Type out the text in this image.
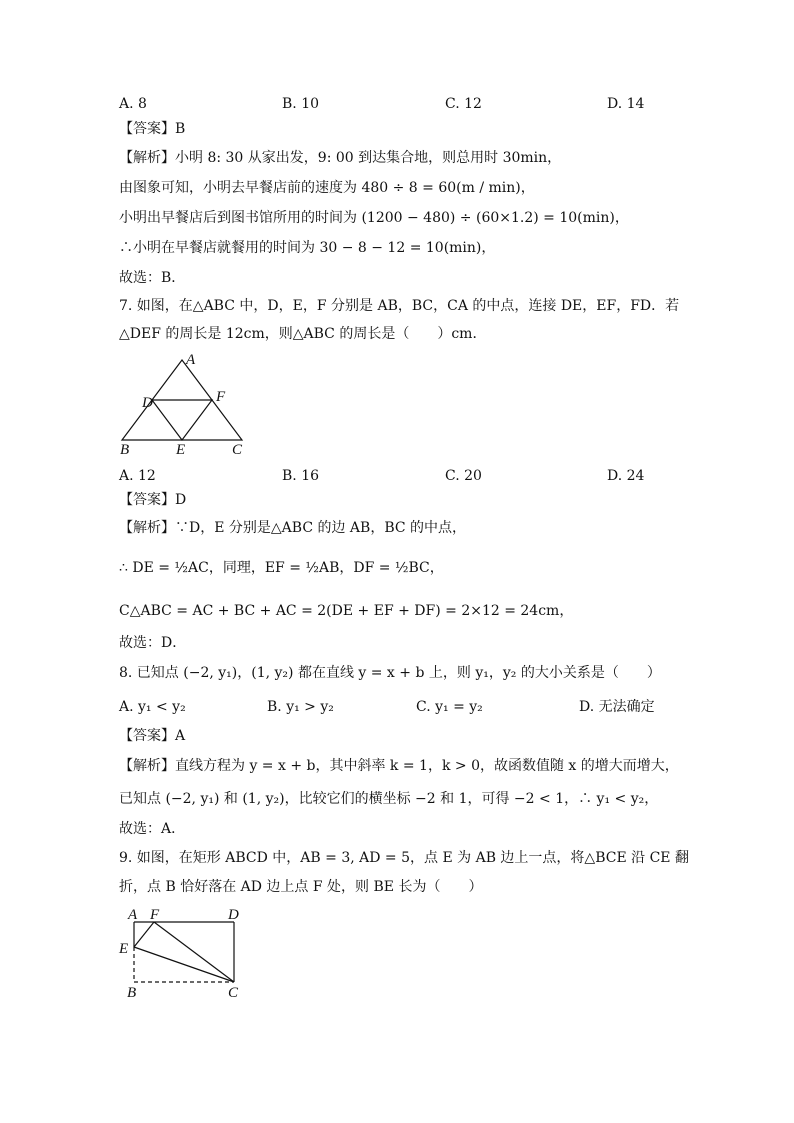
A. 8	B. 10	C. 12	D. 14
【答案】B
【解析】小明 8: 30 从家出发，9: 00 到达集合地，则总用时 30min，
由图象可知，小明去早餐店前的速度为 480 ÷ 8 = 60(m / min)，
小明出早餐店后到图书馆所用的时间为 (1200 − 480) ÷ (60×1.2) = 10(min)，
∴小明在早餐店就餐用的时间为 30 − 8 − 12 = 10(min)，
故选：B．
7. 如图，在△ABC 中，D，E，F 分别是 AB，BC，CA 的中点，连接 DE，EF，FD．若
△DEF 的周长是 12cm，则△ABC 的周长是（　　）cm．
A
D	F
B	E	C
A. 12	B. 16	C. 20	D. 24
【答案】D
【解析】∵D，E 分别是△ABC 的边 AB，BC 的中点，
∴ DE = ½AC，同理，EF = ½AB，DF = ½BC，
C△ABC = AC + BC + AC = 2(DE + EF + DF) = 2×12 = 24cm，
故选：D．
8. 已知点 (−2, y₁)，(1, y₂) 都在直线 y = x + b 上，则 y₁，y₂ 的大小关系是（　　）
A. y₁ < y₂	B. y₁ > y₂	C. y₁ = y₂	D. 无法确定
【答案】A
【解析】直线方程为 y = x + b，其中斜率 k = 1，k > 0，故函数值随 x 的增大而增大，
已知点 (−2, y₁) 和 (1, y₂)，比较它们的横坐标 −2 和 1，可得 −2 < 1，∴ y₁ < y₂，
故选：A．
9. 如图，在矩形 ABCD 中，AB = 3, AD = 5，点 E 为 AB 边上一点，将△BCE 沿 CE 翻
折，点 B 恰好落在 AD 边上点 F 处，则 BE 长为（　　）
A F	D
E
B	C
